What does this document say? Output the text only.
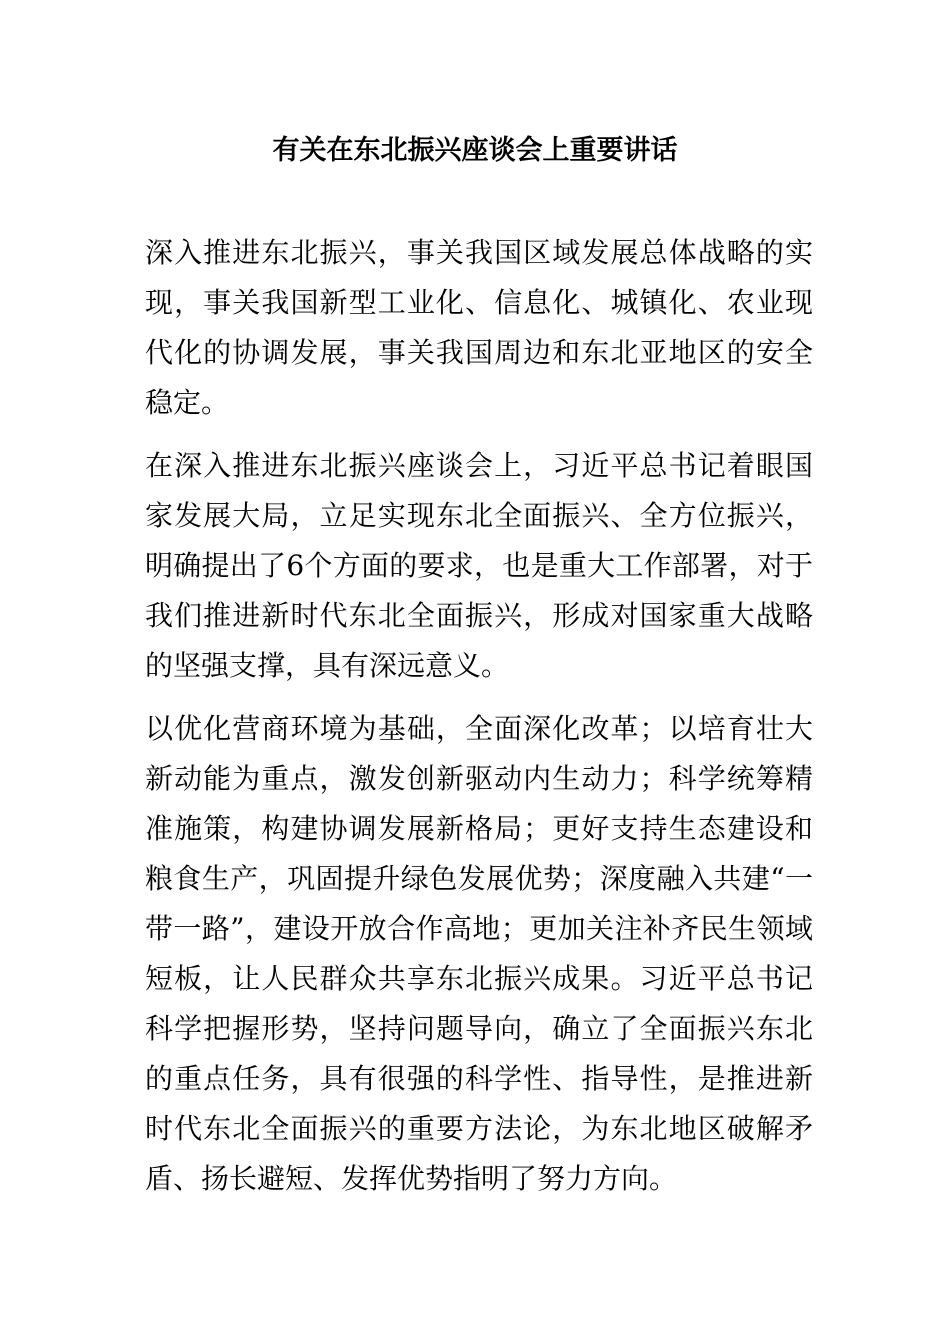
有关在东北振兴座谈会上重要讲话

深入推进东北振兴，事关我国区域发展总体战略的实现，事关我国新型工业化、信息化、城镇化、农业现代化的协调发展，事关我国周边和东北亚地区的安全稳定。

在深入推进东北振兴座谈会上，习近平总书记着眼国家发展大局，立足实现东北全面振兴、全方位振兴，明确提出了6个方面的要求，也是重大工作部署，对于我们推进新时代东北全面振兴，形成对国家重大战略的坚强支撑，具有深远意义。

以优化营商环境为基础，全面深化改革；以培育壮大新动能为重点，激发创新驱动内生动力；科学统筹精准施策，构建协调发展新格局；更好支持生态建设和粮食生产，巩固提升绿色发展优势；深度融入共建“一带一路”，建设开放合作高地；更加关注补齐民生领域短板，让人民群众共享东北振兴成果。习近平总书记科学把握形势，坚持问题导向，确立了全面振兴东北的重点任务，具有很强的科学性、指导性，是推进新时代东北全面振兴的重要方法论，为东北地区破解矛盾、扬长避短、发挥优势指明了努力方向。
